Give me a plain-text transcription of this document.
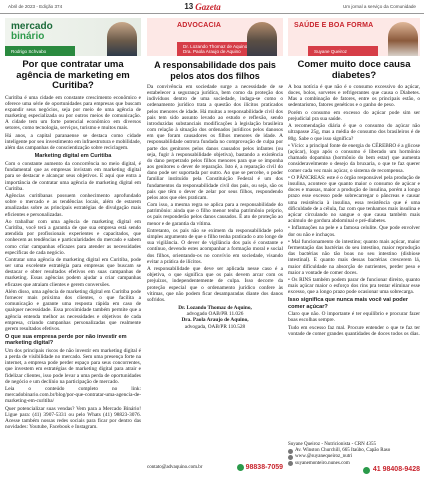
Abril de 2023 - Edição 374	13 Gazeta	Um jornal a serviço da Comunidade
mercado
binário
Rodrigo Schvabo
Por que contratar uma agência de marketing em Curitiba?

Curitiba é uma cidade em constante crescimento econômico e oferece uma série de oportunidades para empresas que buscam expandir seus negócios, seja por meio de uma agência de marketing especializada ou por outros meios de comunicação. A cidade tem um forte potencial econômico em diversos setores, como tecnologia, serviços, turismo e muitos mais.

Há anos, a capital paranaense se destaca como cidade inteligente por seu investimento em infraestrutura e mobilidade, além das campanhas de conscientização sobre reciclagem.

Marketing digital em Curitiba

Com o constante aumento da concorrência no meio digital, é fundamental que as empresas invistam em marketing digital para se destacar e alcançar seus objetivos. E aqui que entra a importância de contratar uma agência de marketing digital em Curitiba.

Agências curitibanas possuem conhecimento aprofundado sobre o mercado e as tendências locais, além de estarem atualizadas sobre as principais estratégias de divulgação mais eficientes e personalizadas.

Ao trabalhar com uma agência de marketing digital em Curitiba, você terá a garantia de que sua empresa está sendo atendida por profissionais experientes e capacitados, que conhecem as tendências e particularidades do mercado e sabem como criar campanhas eficazes para atender as necessidades específicas de cada negócio.

Contratar uma agência de marketing digital em Curitiba, pode ser uma excelente estratégia para empresas que buscam se destacar e obter resultados efetivos em suas campanhas de marketing. Essas agências podem ajudar a criar campanhas eficazes que atraiam clientes e gerem conversões.

Além disso, uma agência de marketing digital em Curitiba pode fornecer mais próxima dos clientes, o que facilita a comunicação e garante uma resposta rápida em caso de qualquer necessidade. Essa proximidade também permite que a agência entenda melhor as necessidades e objetivos de cada empresa, criando campanhas personalizadas que realmente gerem resultados efetivos.

O que sua empresa perde por não investir em marketing digital?

Um dos principais riscos de não investir em marketing digital é a perda de visibilidade no mercado. Sem uma presença forte na internet, a empresa pode perder espaço para seus concorrentes, que investem em estratégias de marketing digital para atrair e fidelizar clientes, isso pode levar a uma perda de oportunidades de negócio e um declínio na participação de mercado.

Leia o conteúdo completo no link: mercadobinario.com.br/blog/por-que-contratar-uma-agencia-de-marketing-em-curitiba/

Quer potencializar suas vendas? Vem para a Mercado Binário! Ligue para: (41) 3907-5331 ou pelo Whats (41) 98823-3076. Acesse também nossas redes sociais para ficar por dentro das novidades: Youtube, Facebook e Instagram.

ADVOCACIA
Dr. Lozando Thomaz de Aquino
Dra. Paola Araujo de Aquino
A responsabilidade dos pais pelos atos dos filhos

Da convivência em sociedade surge a necessidade de se estabelecer a segurança jurídica, bem como da proteção dos indivíduos dentro de uma sociedade, indaga-se como o ordenamento jurídico trata a questão dos ilícitos praticados pelos menores de idade. Há muitas a responsabilidade civil dos pais tem sido assunto levado ao estudo e reflexão, sendo introduzidas substanciais modificações à legislação brasileira com relação à situação dos ordenados jurídicos pelos danosos em que foram causadores os filhos menores de idade. A responsabilidade outrora fundada no comprovação de culpa por parte dos genitores pelos danos causados pelos infantes (ou seja, fugir à responsabilidade objetiva), bastando a existência do dano perpetrado pelos filhos menores para que se imponha aos genitores o dever de reparação. Isto é, a reparação civil do dano pode ser suportada por outro. Ao que se percebe, o poder familiar instituído pela Constituição Federal é um dos fundamentos da responsabilidade civil dos pais, ou seja, são os pais que têm o dever de zelar por seus filhos, respondendo pelos atos que eles praticam.

Com isso, a mesma regra se aplica para a responsabilidade do patrimônio: ainda que o filho menor tenha patrimônio próprio, os pais responderão pelos danos causados. É ato de proteção ao menor e de garantia da vítima.

Entretanto, os pais não se eximem da responsabilidade pelo simples argumento de que o filho tenha praticado o ato longe de sua vigilância. O dever de vigilância dos pais é constante e contínuo, devendo estes acompanhar a formação moral e social dos filhos, orientando-os no convívio em sociedade, visando evitar a prática de ilícitos.

A responsabilidade que deve ser aplicada nesse caso é a objetiva, o que significa que os pais devem arcar com os prejuízos, independentemente de culpa. Isso decorre da proteção especial que o ordenamento jurídico confere às vítimas, que não podem ficar desamparadas diante dos danos sofridos.

Dr. Lozando Thomaz de Aquino,
advogado OAB/PR 11.026
Dra. Paola Araujo de Aquino,
advogada, OAB/PR 110.528
contato@advaquino.com.br	98838-7059
SAÚDE E BOA FORMA
Suyane Queiroz
Comer muito doce causa diabetes?

A boa notícia é que não é o consumo excessivo do açúcar, doces, bolos, sorvetes e refrigerantes que causa o Diabetes. Mas a combinação de fatores, entre os principais estão, o sedentarismo, fatores genéticos e o ganho de peso.

Porém o consumo em excesso do açúcar pode sim ser prejudicial pra sua saúde.

A recomendação diária é que o consumo do açúcar não ultrapasse 25g, mas a média de consumo dos brasileiros é de 80g. Sabe o que isso significa?

• Vício: a principal fonte de energia do CÉREBRO é a glicose (açúcar), logo após o consumo é liberado um hormônio chamado dopamina (hormônio do bem estar) que aumenta consideravelmente o desejo da bruxaria, o que te faz querer comer cada vez mais açúcar, o sistema de recompensa.

• O PÂNCREAS: este é o órgão responsável pela produção de insulina, acontece que quanto maior o consumo de açúcar e doces e massas, maior a produção de insulina, porém a longo prazo esse excesso pode sobrecarregar o pâncreas e causar uma resistência à insulina, essa resistência que é uma dificuldade de a célula, faz com que tenhamos mais insulina e açúcar circulando no sangue o que causa também mais acúmulo de gordura abdominal e pré-diabetes.

• Inflamações na pele e a famosa celulite. Que pode envolver dor ou não e inchaços.

• Mal funcionamento do intestino; quanto mais açúcar, maior fermentação das bactérias do seu intestino, maior reprodução das bactérias não tão boas no seu intestino (disbiose intestinal). E quanto mais dessas bactérias crescerem lá, maior dificuldade na absorção de nutrientes, perder peso e maior a vontade de comer doces.

• Os RINS também podem parar de funcionar direito, quanto mais açúcar maior o esforço dos rins pra tentar eliminar esse excesso, que a longo prazo pode ocasionar uma sobrecarga.

Isso significa que nunca mais você vai poder comer açúcar?

Claro que não. O importante é ter equilíbrio e procurar fazer boas escolhas sempre.

Tudo em excesso faz mal. Procure entender o que te faz ter vontade de comer grandes quantidades de doces todos os dias.

Suyane Queiroz - Nutricionista - CRN 4355
Av. Winston Churchill, 665 Itaúbo, Capão Raso
www.@suyanequeiroz_nutri
suyanemonteiro.nunes.com
41 98408-9428
